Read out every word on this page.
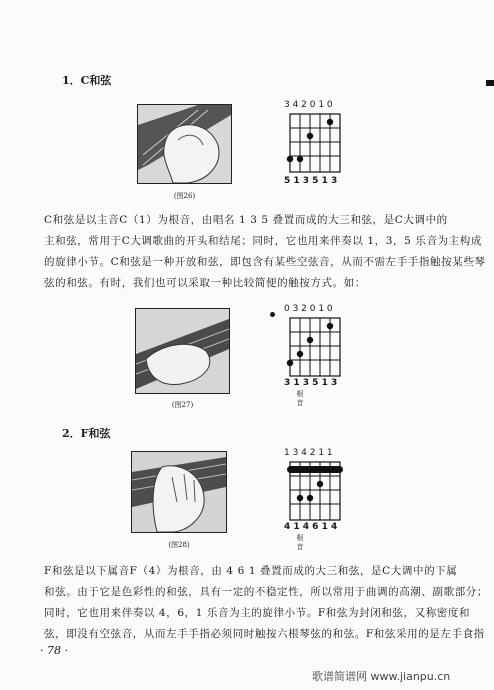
1．C和弦
(图26)
3 4 2 0 1 0
5 1 3 5 1 3

C和弦是以主音C（1）为根音，由唱名 1 3 5 叠置而成的大三和弦，是C大调中的

主和弦，常用于C大调歌曲的开头和结尾；同时，它也用来伴奏以 1，3，5 乐音为主构成

的旋律小节。C和弦是一种开放和弦，即包含有某些空弦音，从而不需左手手指触按某些琴

弦的和弦。有时，我们也可以采取一种比较简便的触按方式。如：

(图27)
0 3 2 0 1 0
3 1 3 5 1 3
根音
2．F和弦
(图28)
1 3 4 2 1 1
4 1 4 6 1 4
根音

F和弦是以下属音F（4）为根音，由 4 6 1 叠置而成的大三和弦，是C大调中的下属

和弦。由于它是色彩性的和弦，具有一定的不稳定性，所以常用于曲调的高潮、副歌部分；

同时，它也用来伴奏以 4，6，1 乐音为主的旋律小节。F和弦为封闭和弦，又称密度和

弦，即没有空弦音，从而左手手指必须同时触按六根琴弦的和弦。F和弦采用的是左手食指

· 78 ·
歌谱简谱网 www.jianpu.cn
